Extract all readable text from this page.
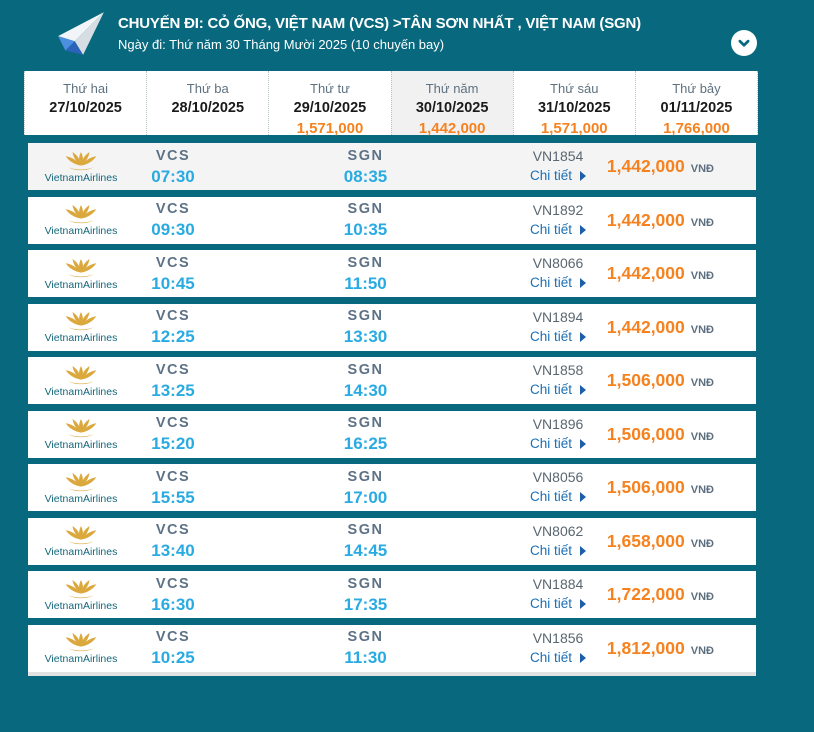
CHUYẾN ĐI: CỎ ỐNG, VIỆT NAM (VCS) >TÂN SƠN NHẤT , VIỆT NAM (SGN)
Ngày đi: Thứ năm 30 Tháng Mười 2025 (10 chuyến bay)
Thứ hai
27/10/2025
Thứ ba
28/10/2025
Thứ tư
29/10/2025
1,571,000
Thứ năm
30/10/2025
1,442,000
Thứ sáu
31/10/2025
1,571,000
Thứ bảy
01/11/2025
1,766,000
VietnamAirlines
VCS
07:30
SGN
08:35
VN1854
Chi tiết 1,442,000 VNĐ
VietnamAirlines
VCS
09:30
SGN
10:35
VN1892
Chi tiết 1,442,000 VNĐ
VietnamAirlines
VCS
10:45
SGN
11:50
VN8066
Chi tiết 1,442,000 VNĐ
VietnamAirlines
VCS
12:25
SGN
13:30
VN1894
Chi tiết 1,442,000 VNĐ
VietnamAirlines
VCS
13:25
SGN
14:30
VN1858
Chi tiết 1,506,000 VNĐ
VietnamAirlines
VCS
15:20
SGN
16:25
VN1896
Chi tiết 1,506,000 VNĐ
VietnamAirlines
VCS
15:55
SGN
17:00
VN8056
Chi tiết 1,506,000 VNĐ
VietnamAirlines
VCS
13:40
SGN
14:45
VN8062
Chi tiết 1,658,000 VNĐ
VietnamAirlines
VCS
16:30
SGN
17:35
VN1884
Chi tiết 1,722,000 VNĐ
VietnamAirlines
VCS
10:25
SGN
11:30
VN1856
Chi tiết 1,812,000 VNĐ
